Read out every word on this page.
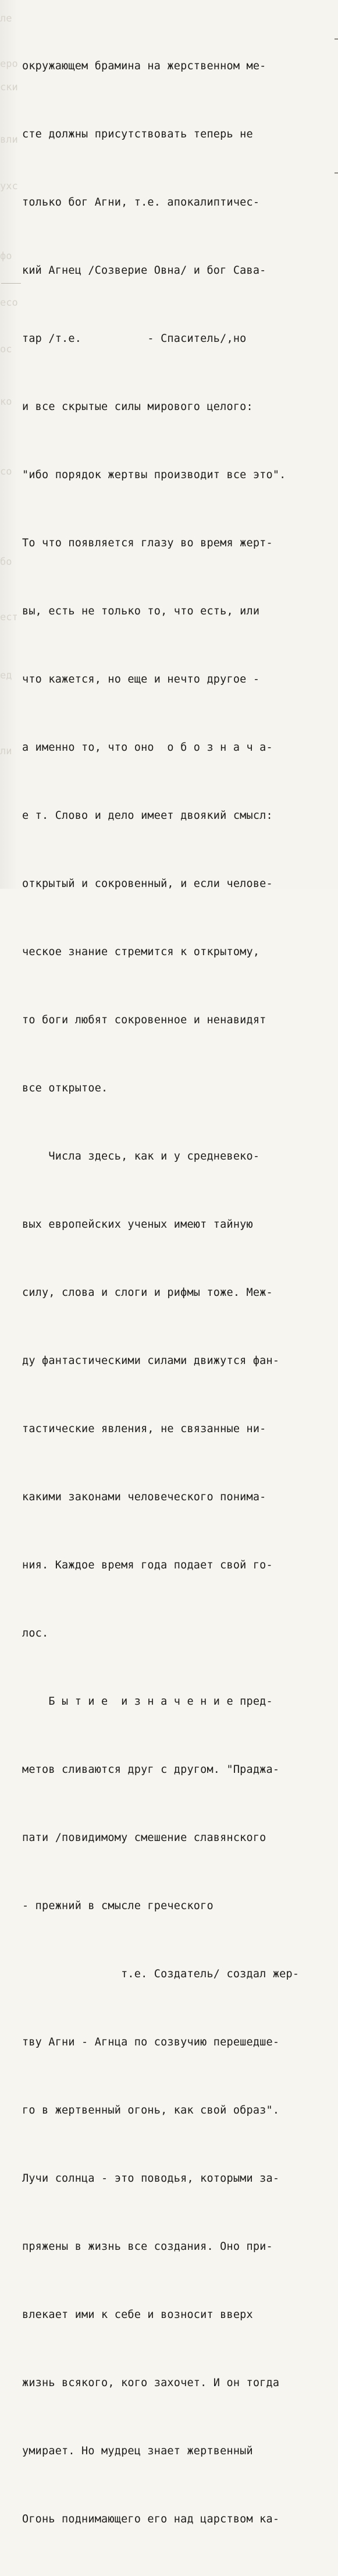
ле
еро
ски
вли
ухс
фо
есо
ос
ко
со
бо
ест
ед
ли

окружающем брамина на жерственном ме-

сте должны присутствовать теперь не

только бог Агни, т.е. апокалиптичес-

кий Агнец /Созверие Овна/ и бог Сава-

тар /т.е.          - Спаситель/,но

и все скрытые силы мирового целого:

"ибо порядок жертвы производит все это".

То что появляется глазу во время жерт-

вы, есть не только то, что есть, или

что кажется, но еще и нечто другое -

а именно то, что оно  о б о з н а ч а-

е т. Слово и дело имеет двоякий смысл:

открытый и сокровенный, и если челове-

ческое знание стремится к открытому,

то боги любят сокровенное и ненавидят

все открытое.

Числа здесь, как и у средневеко-

вых европейских ученых имеют тайную

силу, слова и слоги и рифмы тоже. Меж-

ду фантастическими силами движутся фан-

тастические явления, не связанные ни-

какими законами человеческого понима-

ния. Каждое время года подает свой го-

лос.

Б ы т и е  и з н а ч е н и е пред-

метов сливаются друг с другом. "Праджа-

пати /повидимому смешение славянского

- прежний в смысле греческого

т.е. Создатель/ создал жер-

тву Агни - Агнца по созвучию перешедше-

го в жертвенный огонь, как свой образ".

Лучи солнца - это поводья, которыми за-

пряжены в жизнь все создания. Оно при-

влекает ими к себе и возносит вверх

жизнь всякого, кого захочет. И он тогда

умирает. Но мудрец знает жертвенный

Огонь поднимающего его над царством ка-
